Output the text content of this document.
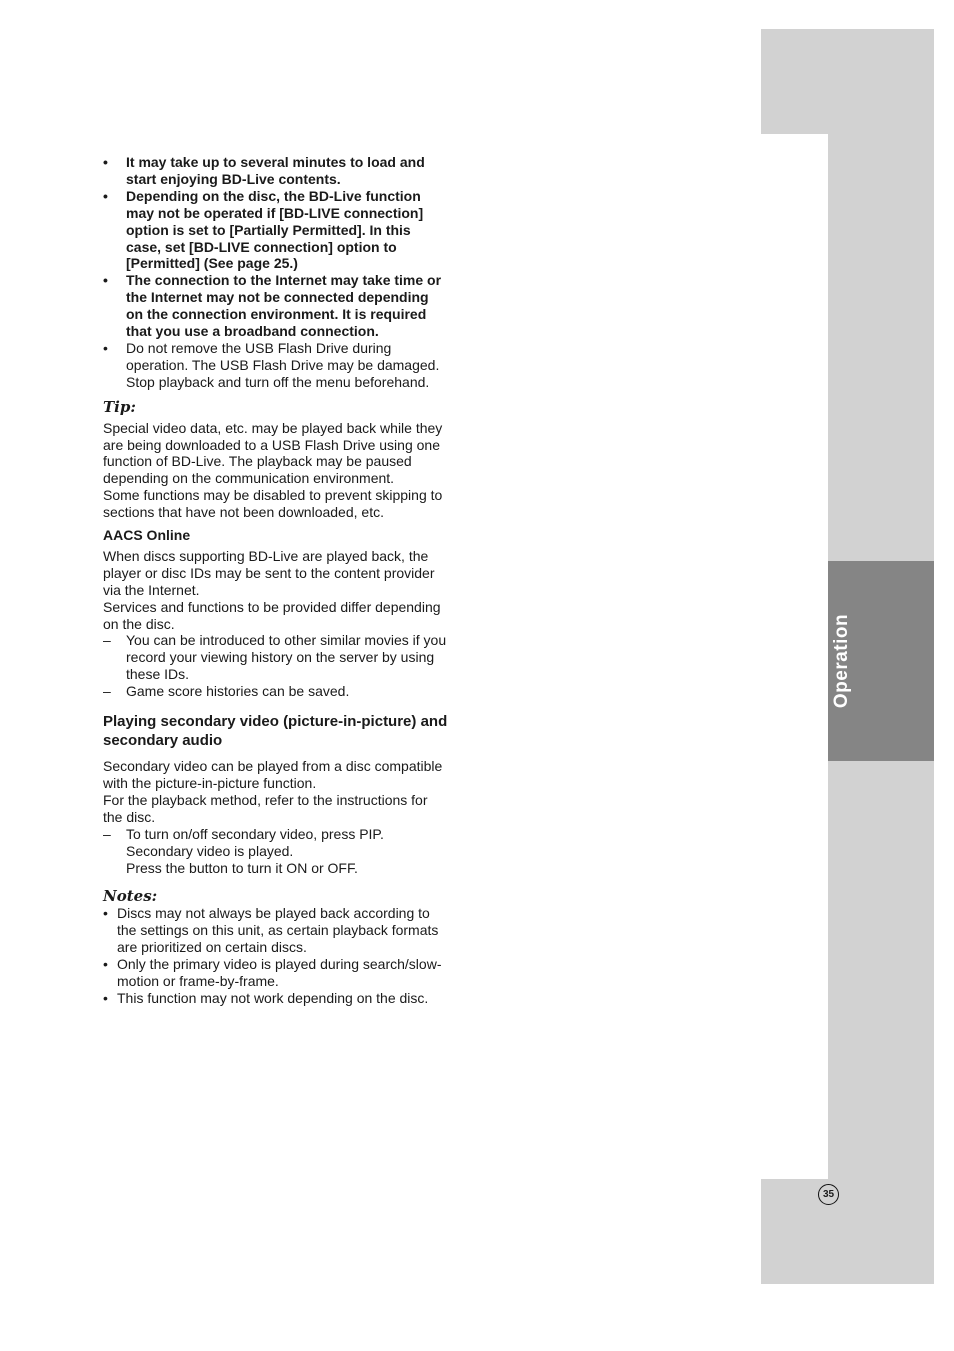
Operation
35
• It may take up to several minutes to load and start enjoying BD-Live contents.
• Depending on the disc, the BD-Live function may not be operated if [BD-LIVE connection] option is set to [Partially Permitted]. In this case, set [BD-LIVE connection] option to [Permitted] (See page 25.)
• The connection to the Internet may take time or the Internet may not be connected depending on the connection environment. It is required that you use a broadband connection.
• Do not remove the USB Flash Drive during operation. The USB Flash Drive may be damaged. Stop playback and turn off the menu beforehand.
Tip:

Special video data, etc. may be played back while they are being downloaded to a USB Flash Drive using one function of BD-Live. The playback may be paused depending on the communication environment.

Some functions may be disabled to prevent skipping to sections that have not been downloaded, etc.

AACS Online

When discs supporting BD-Live are played back, the player or disc IDs may be sent to the content provider via the Internet.

Services and functions to be provided differ depending on the disc.

– You can be introduced to other similar movies if you record your viewing history on the server by using these IDs.
– Game score histories can be saved.
Playing secondary video (picture-in-picture) and secondary audio

Secondary video can be played from a disc compatible with the picture-in-picture function.

For the playback method, refer to the instructions for the disc.

– To turn on/off secondary video, press PIP.
Secondary video is played.
Press the button to turn it ON or OFF.
Notes:
• Discs may not always be played back according to the settings on this unit, as certain playback formats are prioritized on certain discs.
• Only the primary video is played during search/slow-motion or frame-by-frame.
• This function may not work depending on the disc.
